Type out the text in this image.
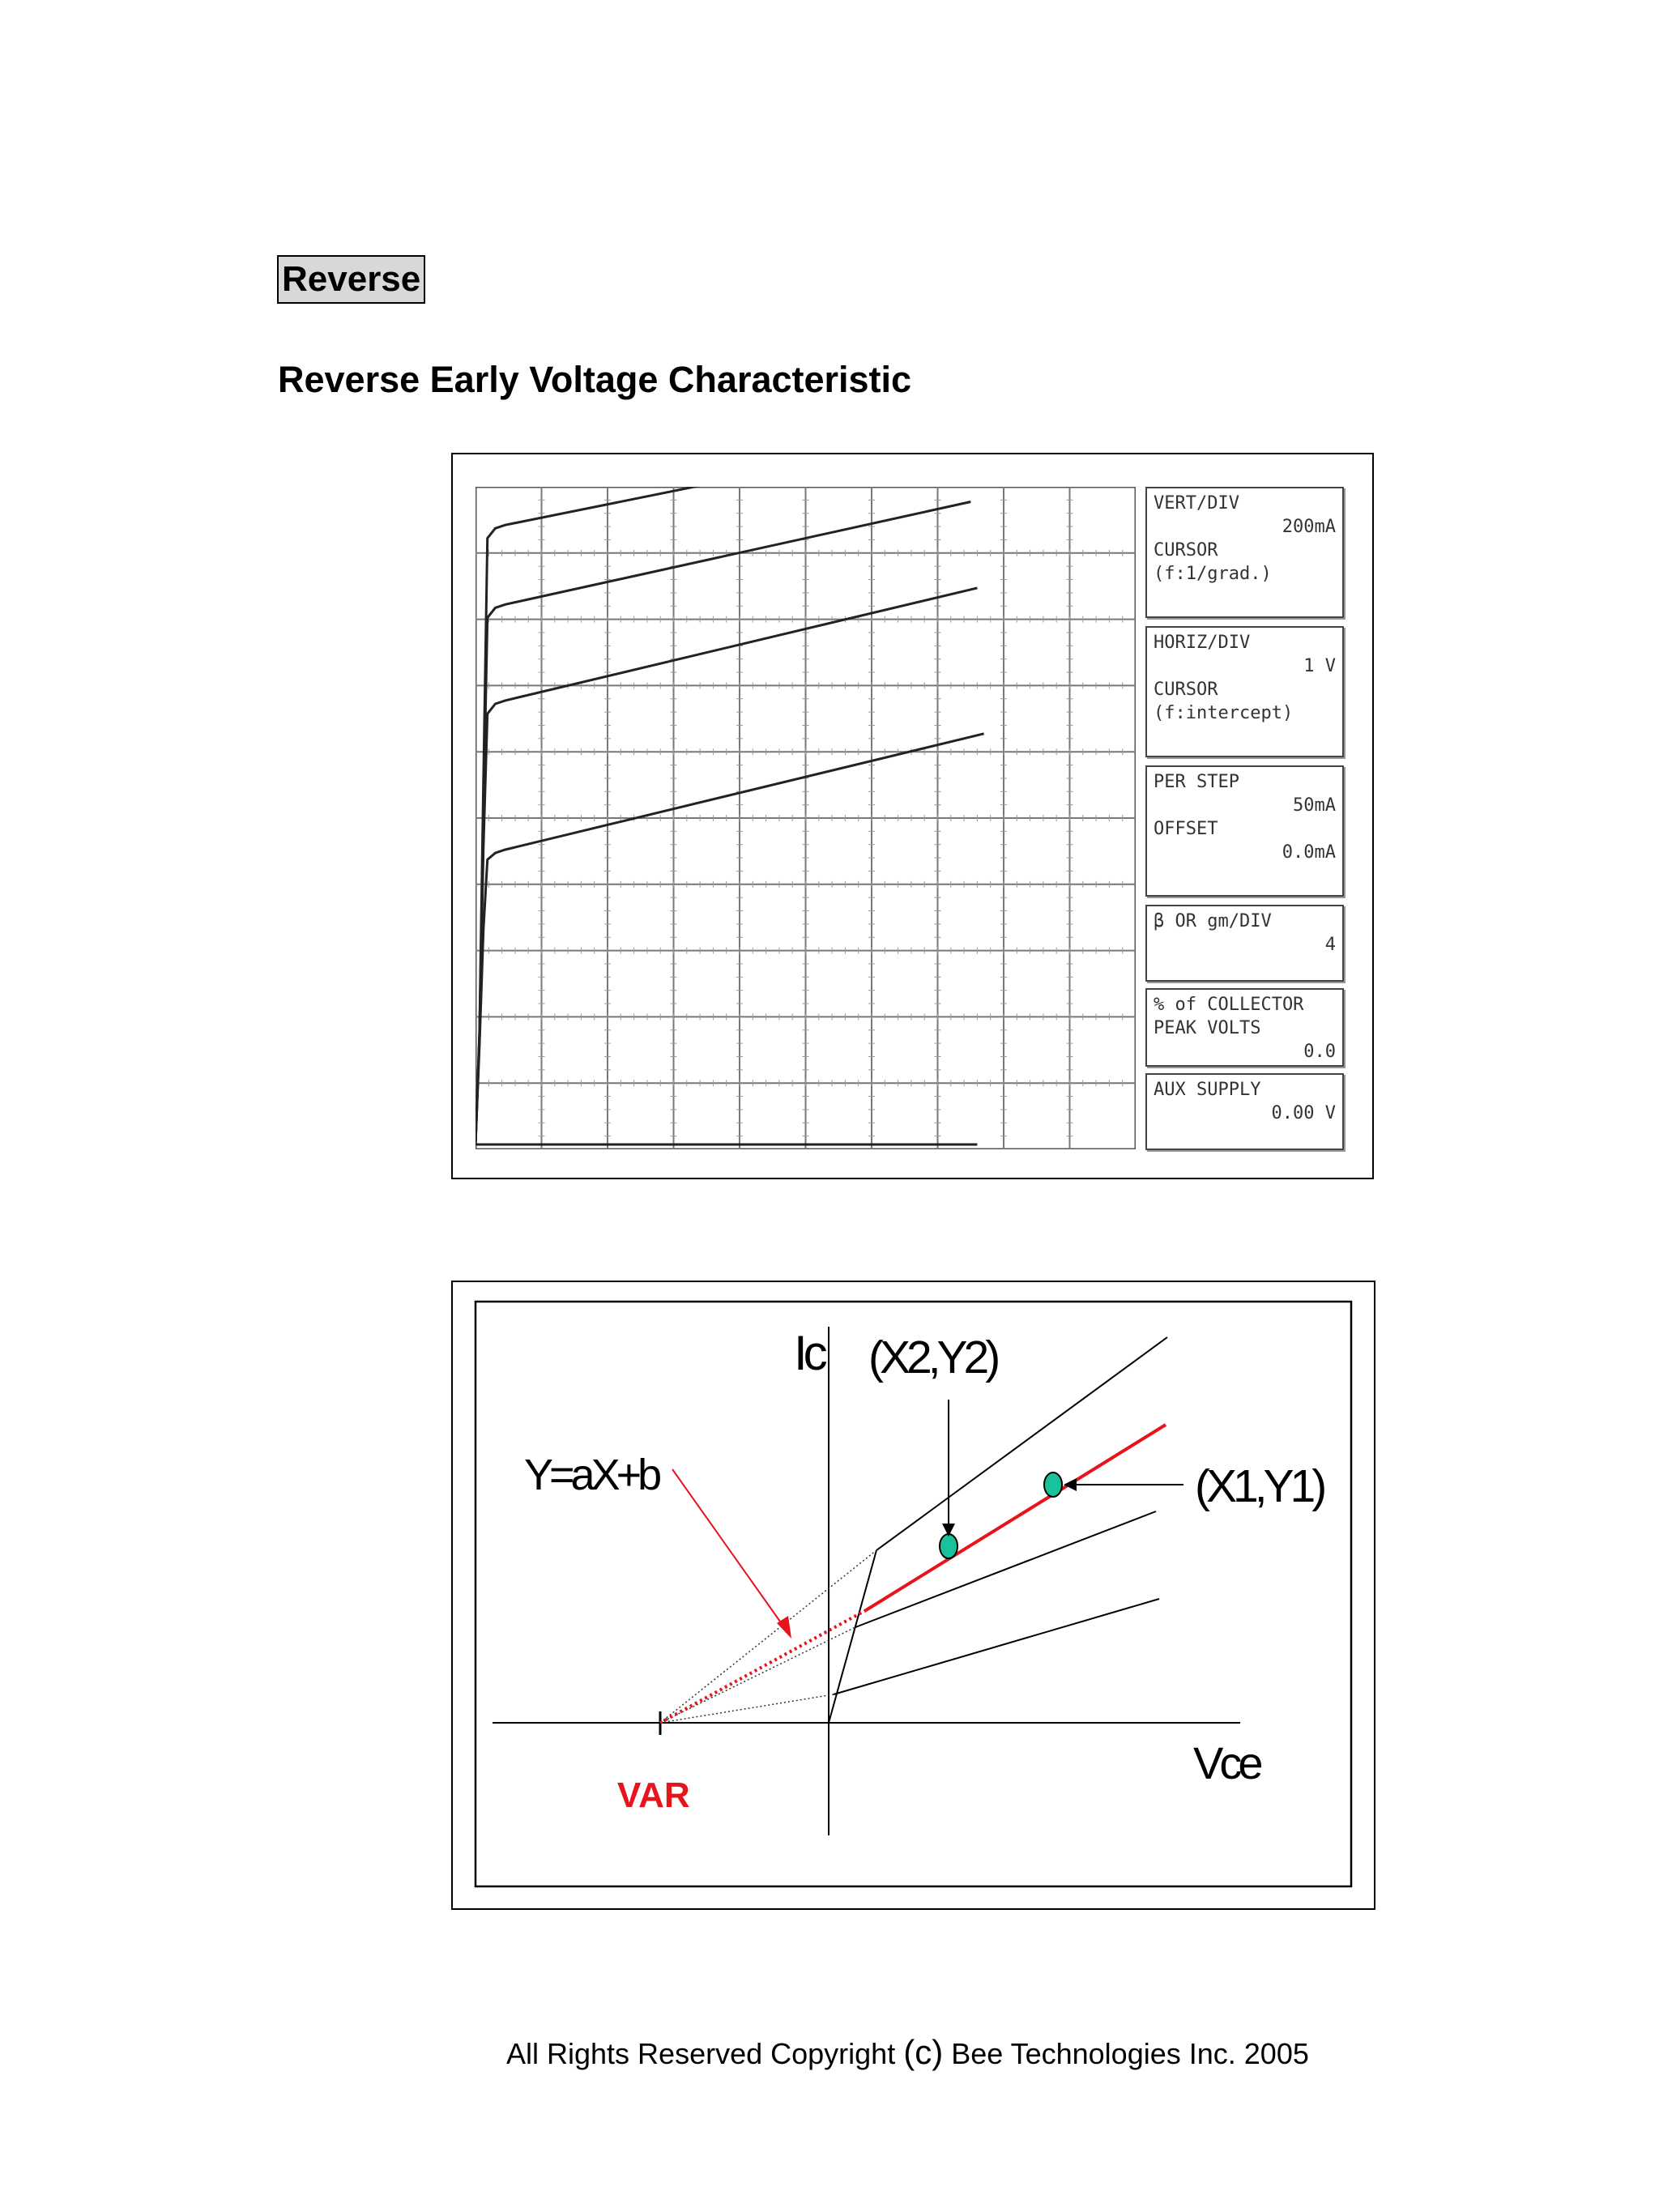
Reverse
Reverse Early Voltage Characteristic
VERT/DIV
200mA
CURSOR
(f:1/grad.)
HORIZ/DIV
1 V
CURSOR
(f:intercept)
PER STEP
50mA
OFFSET
0.0mA
β OR gm/DIV
4
% of COLLECTOR
PEAK VOLTS
0.0
AUX SUPPLY
0.00 V
Ic (X2,Y2)
Y=aX+b	(X1,Y1)
Vce
VAR
All Rights Reserved Copyright (c) Bee Technologies Inc. 2005
